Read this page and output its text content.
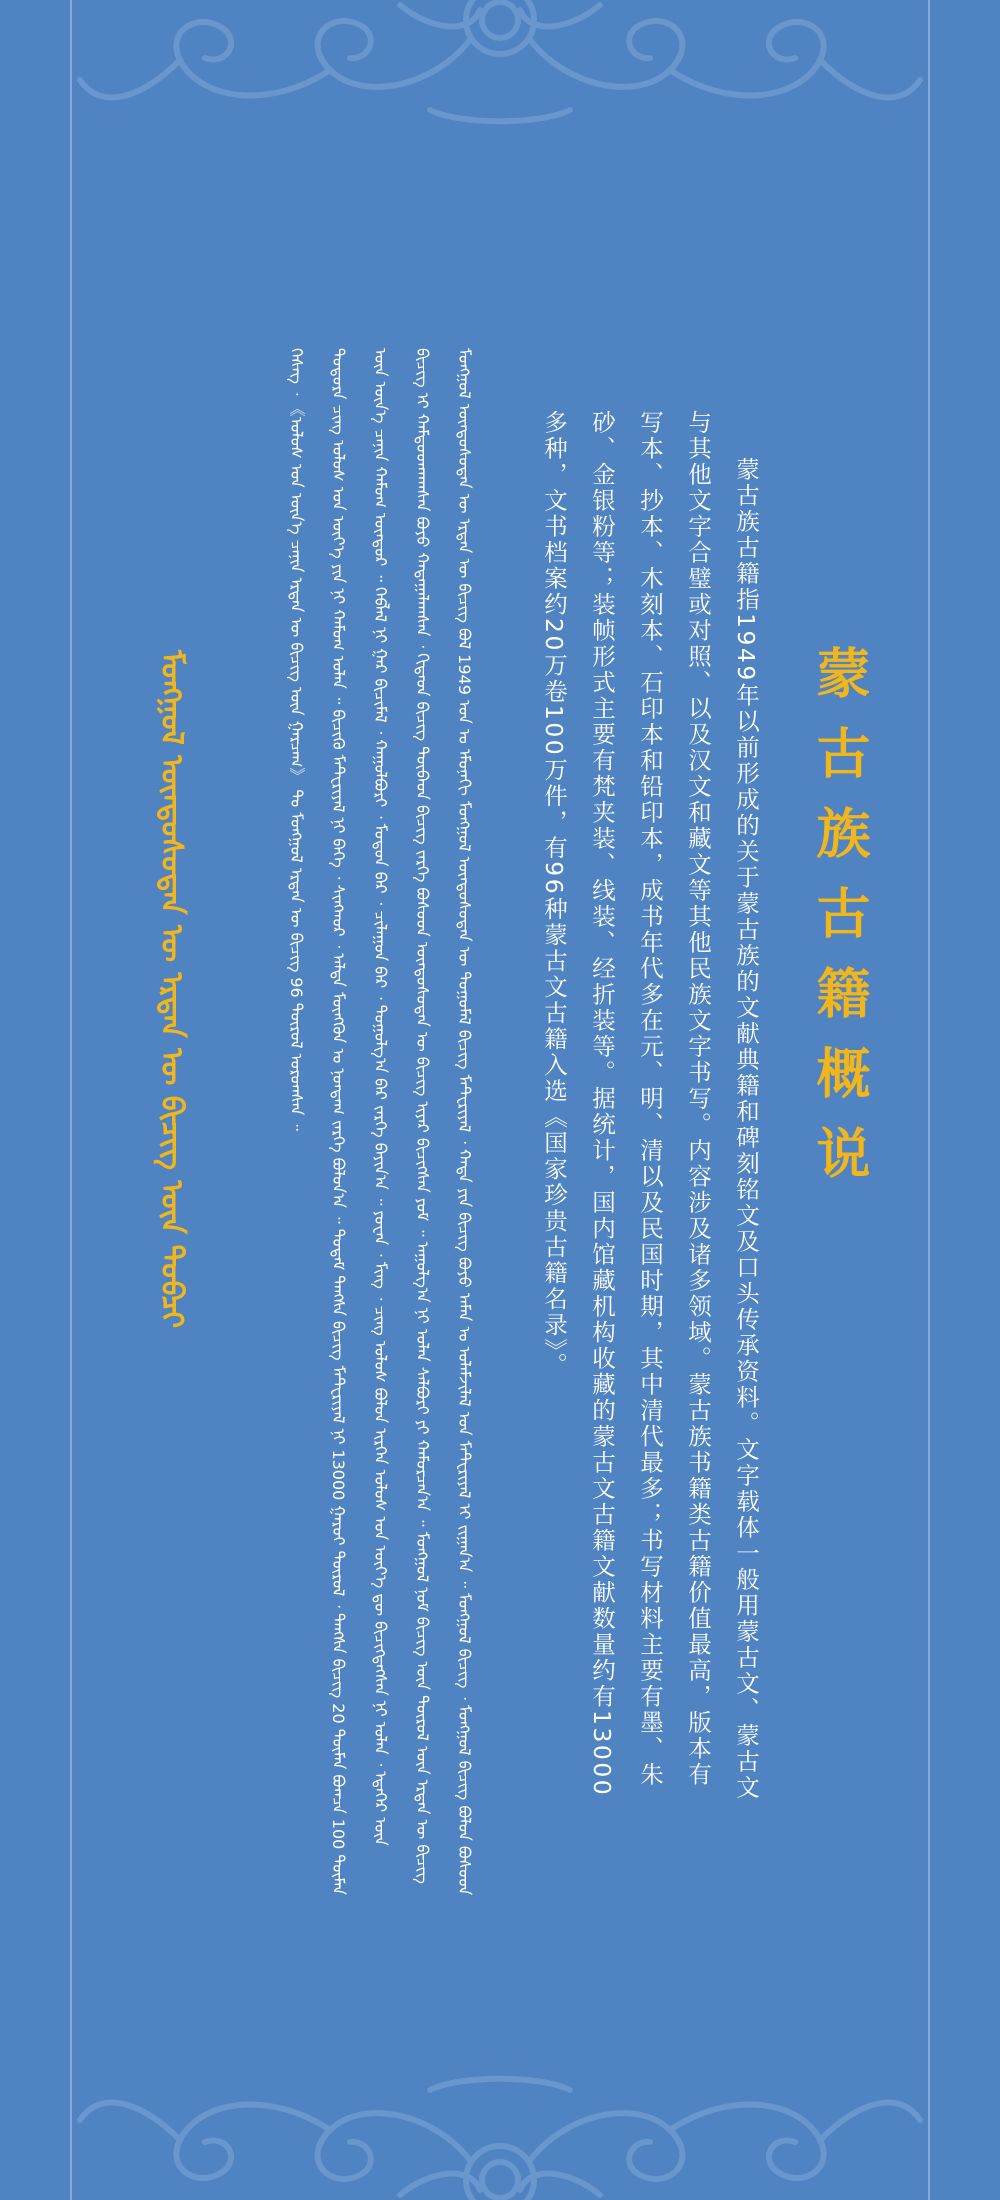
蒙古族古籍概说
蒙古族古籍指1949年以前形成的关于蒙古族的文献典籍和碑刻铭文及口头传承资料。文字载体一般用蒙古文、蒙古文与其他文字合璧或对照、以及汉文和藏文等其他民族文字书写。内容涉及诸多领域。蒙古族书籍类古籍价值最高，版本有写本、抄本、木刻本、石印本和铅印本，成书年代多在元、明、清以及民国时期，其中清代最多；书写材料主要有墨、朱砂、金银粉等；装帧形式主要有梵夹装、线装、经折装等。据统计，国内馆藏机构收藏的蒙古文古籍文献数量约有13000多种，文书档案约20万卷100万件，有96种蒙古文古籍入选《国家珍贵古籍名录》。
ᠮᠣᠩᠭᠣᠯ ᠦᠨᠳᠦᠰᠦᠲᠡᠨ ᠦ ᠡᠷᠲᠡᠨ ᠦ ᠪᠢᠴᠢᠭ ᠪᠣᠯ 1949 ᠣᠨ ᠤ ᠡᠮᠦᠨᠡᠬᠢ ᠮᠣᠩᠭᠣᠯ ᠦᠨᠳᠦᠰᠦᠲᠡᠨ ᠦ ᠳᠤᠭᠤᠮᠠᠯ ᠪᠢᠴᠢᠭ ᠮᠠᠲᠧᠷᠢᠶᠠᠯ ᠂ ᠬᠠᠳᠠ ᠶᠢᠨ ᠪᠢᠴᠢᠭ ᠪᠤᠶᠤ ᠠᠮᠠᠨ ᠤ ᠤᠯᠠᠮᠵᠢᠯᠠᠯ ᠤᠨ ᠮᠠᠲᠧᠷᠢᠶᠠᠯ ᠢ ᠵᠢᠭᠠᠨ᠎ᠠ ᠃ ᠮᠣᠩᠭᠣᠯ ᠪᠢᠴᠢᠭ ᠂ ᠮᠣᠩᠭᠣᠯ ᠪᠢᠴᠢᠭ ᠪᠣᠯᠣᠨ ᠪᠤᠰᠤᠳ ᠪᠢᠴᠢᠭ ᠢ ᠬᠠᠮᠲᠤᠳᠬᠠᠭᠰᠠᠨ ᠪᠤᠶᠤ ᠬᠠᠳᠠᠭᠠᠯᠠᠭᠰᠠᠨ ᠂ ᠬᠢᠲᠠᠳ ᠪᠢᠴᠢᠭ ᠲᠥᠪᠡᠳ ᠪᠢᠴᠢᠭ ᠵᠡᠷᠭᠡ ᠪᠤᠰᠤᠳ ᠦᠨᠳᠦᠰᠦᠲᠡᠨ ᠦ ᠪᠢᠴᠢᠭ ᠢᠶᠡᠷ ᠪᠢᠴᠢᠭᠰᠡᠨ ᠶᠤᠮ ᠃ ᠠᠭᠤᠯᠭ᠎ᠠ ᠨᠢ ᠣᠯᠠᠨ ᠰᠠᠯᠪᠤᠷᠢ ᠶᠢ ᠬᠠᠮᠤᠷᠴᠠᠨ᠎ᠠ ᠃ ᠮᠣᠩᠭᠣᠯ ᠨᠣᠮ ᠪᠢᠴᠢᠭ ᠦᠨ ᠲᠥᠷᠦᠯ ᠦᠨ ᠡᠷᠲᠡᠨ ᠦ ᠪᠢᠴᠢᠭ ᠦᠨ ᠦᠨ᠎ᠡ ᠴᠡᠨᠢᠨ ᠬᠠᠮᠤᠭ ᠦᠨᠳᠦᠷ ᠃ ᠬᠡᠪᠯᠡᠯ ᠨᠢ ᠭᠠᠷ ᠪᠢᠴᠢᠮᠡᠯ ᠂ ᠬᠠᠭᠤᠯᠪᠤᠷᠢ ᠂ ᠮᠣᠳᠤᠨ ᠪᠠᠷ ᠂ ᠴᠢᠯᠠᠭᠤᠨ ᠪᠠᠷ ᠂ ᠲᠤᠭᠤᠯᠭ᠎ᠠ ᠪᠠᠷ ᠵᠡᠷᠭᠡ ᠪᠠᠶᠢᠨ᠎ᠠ ᠃ ᠶᠤᠸᠠᠨ ᠂ ᠮᠢᠩ ᠂ ᠴᠢᠩ ᠤᠯᠤᠰ ᠪᠣᠯᠣᠨ ᠢᠷᠭᠡᠨ ᠤᠯᠤᠰ ᠤᠨ ᠦᠶ᠎ᠡ ᠳᠦ ᠪᠢᠴᠢᠭᠳᠡᠭᠰᠡᠨ ᠨᠢ ᠣᠯᠠᠨ ᠂ ᠡᠳᠡᠭᠡᠷ ᠦᠨ ᠳᠣᠲᠣᠷᠠ ᠴᠢᠩ ᠤᠯᠤᠰ ᠤᠨ ᠦᠶ᠎ᠡ ᠶᠢᠨ ᠨᠢ ᠬᠠᠮᠤᠭ ᠣᠯᠠᠨ ᠃ ᠪᠢᠴᠢᠬᠦ ᠮᠠᠲᠧᠷᠢᠶᠠᠯ ᠨᠢ ᠪᠡᠬᠡ ᠂ ᠰᠢᠩᠬᠤᠷ ᠂ ᠠᠯᠲᠠ ᠮᠥᠩᠭᠦᠨ ᠤ ᠨᠤᠨᠲᠠᠭ ᠵᠡᠷᠭᠡ ᠪᠣᠯᠤᠨ᠎ᠠ ᠃ ᠳᠤᠲᠠᠮ ᠳᠠᠩᠰᠠ ᠪᠢᠴᠢᠭ ᠮᠠᠲᠧᠷᠢᠶᠠᠯ ᠨᠢ 13000 ᠭᠠᠷᠤᠢ ᠲᠥᠷᠦᠯ ᠂ ᠳᠠᠩᠰᠠ ᠪᠢᠴᠢᠭ 20 ᠲᠦᠮᠡᠨ ᠪᠣᠭᠴᠠ 100 ᠲᠦᠮᠡᠨ ᠬᠡᠰᠡᠭ ᠂ 《ᠤᠯᠤᠰ ᠤᠨ ᠦᠨ᠎ᠡ ᠴᠡᠨᠢᠨ ᠡᠷᠲᠡᠨ ᠦ ᠪᠢᠴᠢᠭ ᠦᠨ ᠭᠠᠷᠴᠠᠭ》 ᠲᠤ ᠮᠣᠩᠭᠣᠯ ᠡᠷᠲᠡᠨ ᠦ ᠪᠢᠴᠢᠭ 96 ᠲᠥᠷᠦᠯ ᠣᠷᠣᠭᠰᠠᠨ ᠃
ᠮᠣᠩᠭᠣᠯ ᠦᠨᠳᠦᠰᠦᠲᠡᠨ ᠦ ᠡᠷᠲᠡᠨ ᠦ ᠪᠢᠴᠢᠭ ᠦᠨ ᠲᠣᠪᠴᠢ
